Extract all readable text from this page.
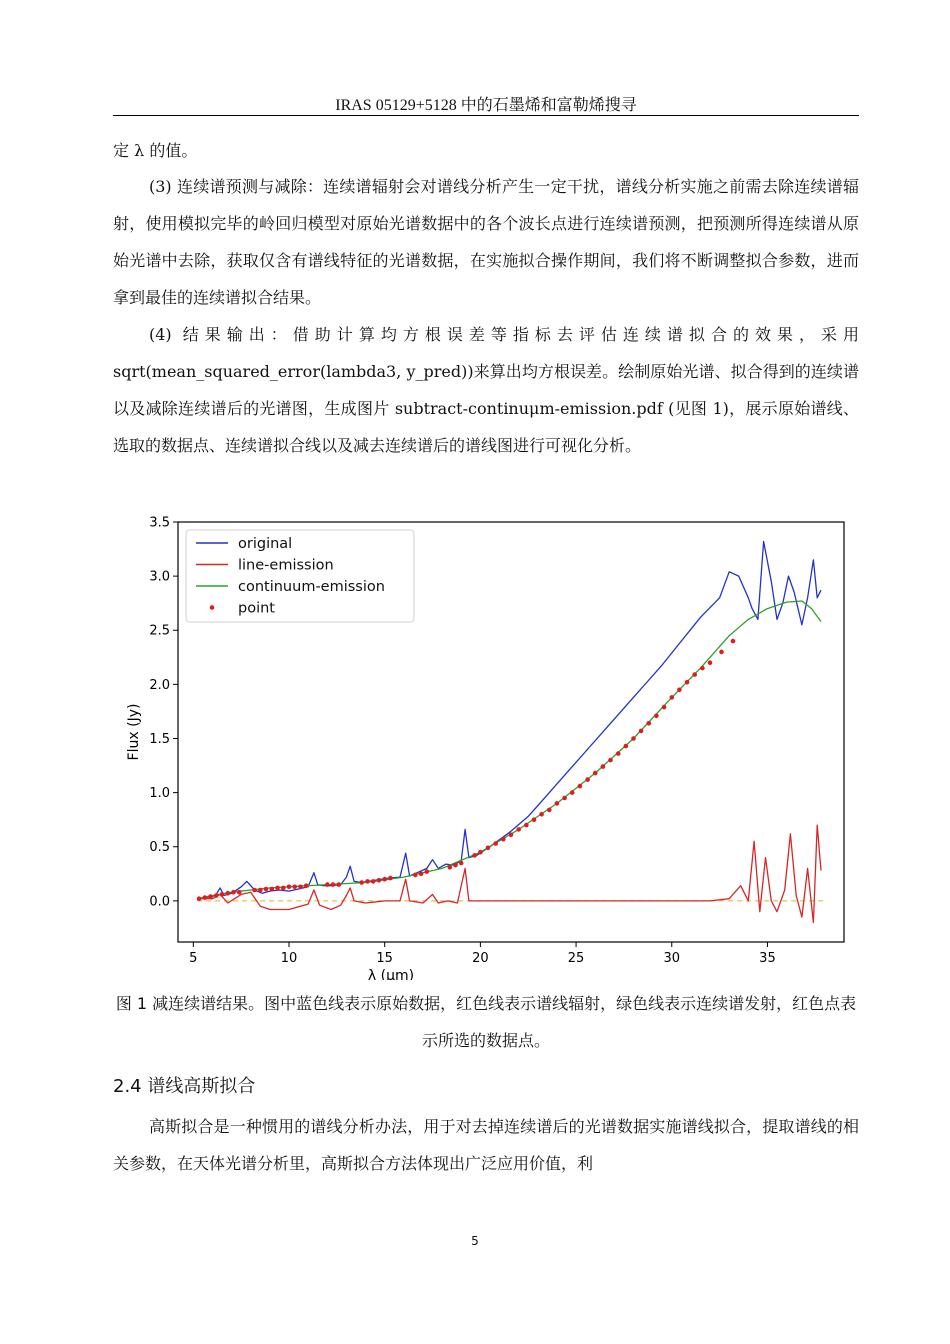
IRAS 05129+5128 中的石墨烯和富勒烯搜寻

定 λ 的值。

(3) 连续谱预测与减除：连续谱辐射会对谱线分析产生一定干扰，谱线分析实施之前需去除连续谱辐射，使用模拟完毕的岭回归模型对原始光谱数据中的各个波长点进行连续谱预测，把预测所得连续谱从原始光谱中去除，获取仅含有谱线特征的光谱数据，在实施拟合操作期间，我们将不断调整拟合参数，进而拿到最佳的连续谱拟合结果。

(4) 结果输出：借助计算均方根误差等指标去评估连续谱拟合的效果，采用 sqrt(mean_squared_error(lambda3, y_pred))来算出均方根误差。绘制原始光谱、拟合得到的连续谱以及减除连续谱后的光谱图，生成图片 subtract-continuμm-emission.pdf (见图 1)，展示原始谱线、选取的数据点、连续谱拟合线以及减去连续谱后的谱线图进行可视化分析。

5	10	15	20	25	30	35
0.0
0.5
1.0
1.5
2.0
2.5
3.0
3.5
λ (μm)
Flux (Jy)
original
line-emission
continuum-emission
point
图 1 减连续谱结果。图中蓝色线表示原始数据，红色线表示谱线辐射，绿色线表示连续谱发射，红色点表示所选的数据点。
2.4 谱线高斯拟合

高斯拟合是一种惯用的谱线分析办法，用于对去掉连续谱后的光谱数据实施谱线拟合，提取谱线的相关参数，在天体光谱分析里，高斯拟合方法体现出广泛应用价值，利

5
